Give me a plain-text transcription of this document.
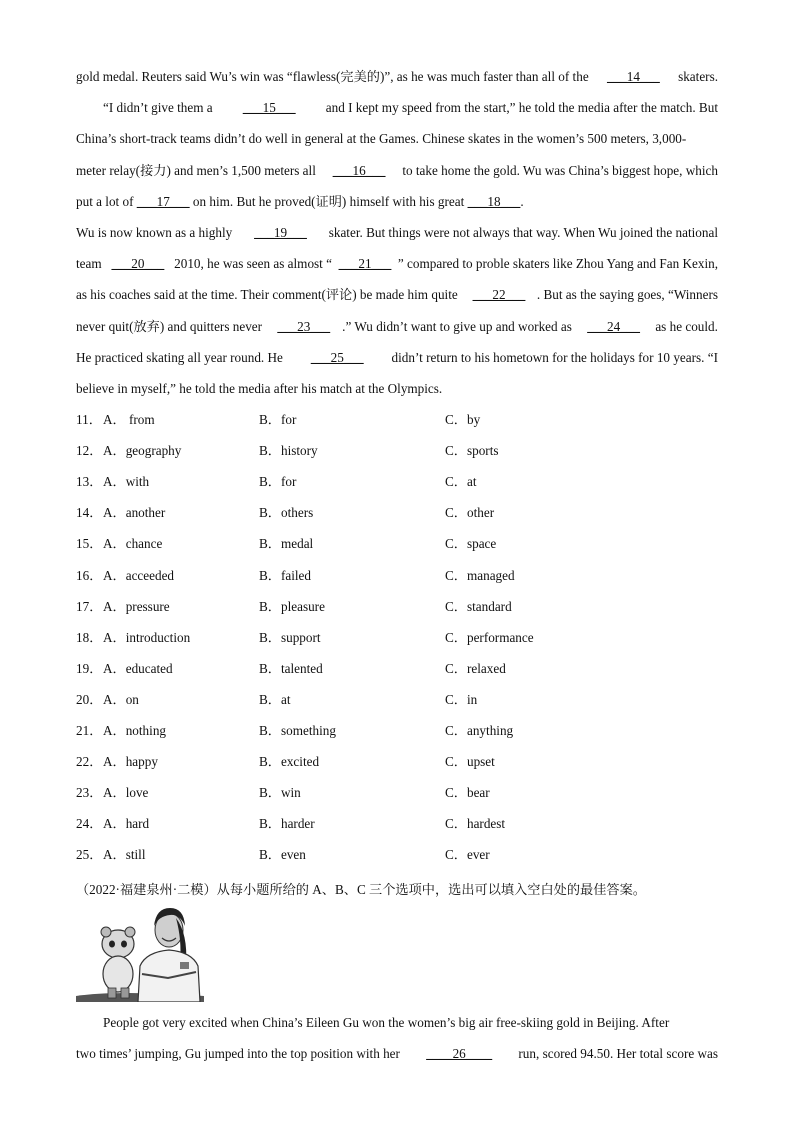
gold medal. Reuters said Wu’s win was “flawless(完美的)”, as he was much faster than all of the ___14___ skaters.
“I didn’t give them a ___15___ and I kept my speed from the start,” he told the media after the match. But
China’s short-track teams didn’t do well in general at the Games. Chinese skates in the women’s 500 meters, 3,000-
meter relay(接力) and men’s 1,500 meters all ___16___ to take home the gold. Wu was China’s biggest hope, which
put a lot of ___17___ on him. But he proved(证明) himself with his great ___18___ .
Wu is now known as a highly ___19___ skater. But things were not always that way. When Wu joined the national
team ___20___ 2010, he was seen as almost “ ___21___ ” compared to proble skaters like Zhou Yang and Fan Kexin,
as his coaches said at the time. Their comment(评论) be made him quite ___22___ . But as the saying goes, “Winners
never quit(放弃) and quitters never ___23___ .” Wu didn’t want to give up and worked as ___24___ as he could.
He practiced skating all year round. He ___25___ didn’t return to his hometown for the holidays for 10 years. “I
believe in myself,” he told the media after his match at the Olympics.
11． A． from	B．for	C．by
12． A．geography	B．history	C．sports
13． A．with	B．for	C．at
14． A．another	B．others	C．other
15． A．chance	B．medal	C．space
16． A．acceeded	B．failed	C．managed
17． A．pressure	B．pleasure	C．standard
18． A．introduction	B．support	C．performance
19． A．educated	B．talented	C．relaxed
20． A．on	B．at	C．in
21． A．nothing	B．something	C．anything
22． A．happy	B．excited	C．upset
23． A．love	B．win	C．bear
24． A．hard	B．harder	C．hardest
25． A．still	B．even	C．ever
（2022·福建泉州·二模）从每小题所给的 A、B、C 三个选项中，选出可以填入空白处的最佳答案。
People got very excited when China’s Eileen Gu won the women’s big air free-skiing gold in Beijing. After
two times’ jumping, Gu jumped into the top position with her ____26____ run, scored 94.50. Her total score was
